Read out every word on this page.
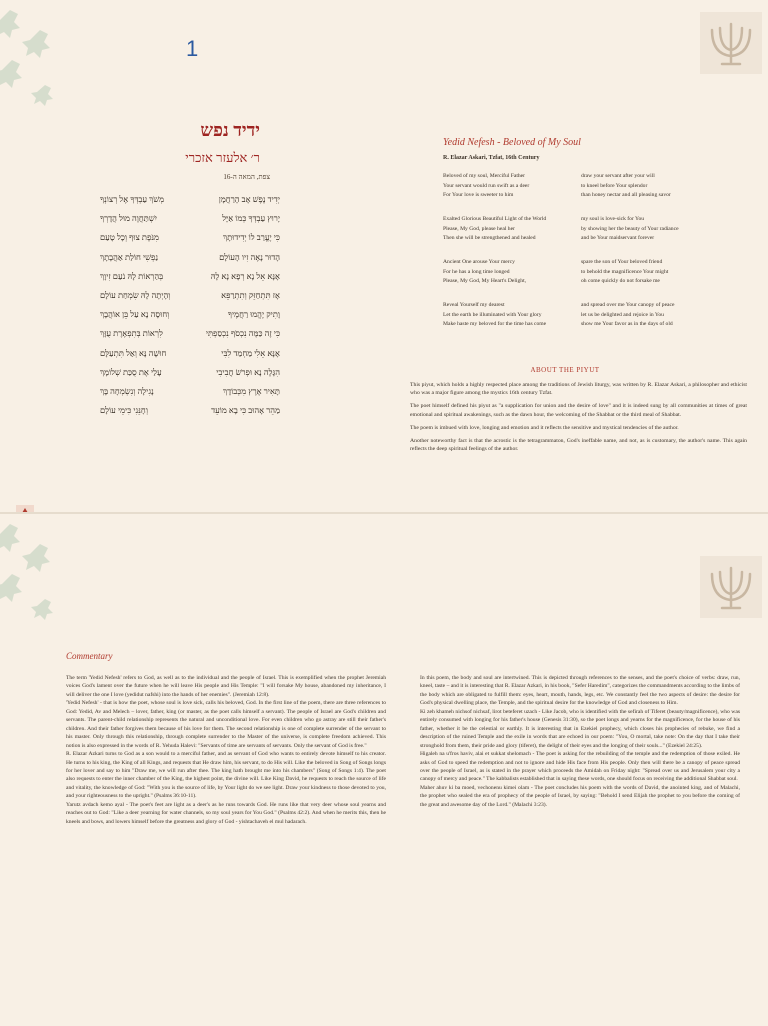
1
ידיד נפש
ר׳ אלעזר אזכרי
צפת, המאה ה-16
יְדִיד נֶפֶשׁ אָב הָרַחֲמָן
מְשֹׁךְ עַבְדְּךָ אֶל רְצוֹנְךָ
יָרוּץ עַבְדְּךָ כְּמוֹ אַיָּל
יִשְׁתַּחֲוֶה מוּל הֲדָרְךָ
כִּי יֶעֱרַב לוֹ יְדִידוּתָךְ
מִנֹּפֶת צוּף וְכָל טָעַם
הָדוּר נָאֶה זִיו הָעוֹלָם
נַפְשִׁי חוֹלַת אַהֲבָתָךְ
אָנָּא אֵל נָא רְפָא נָא לָהּ
בְּהַרְאוֹת לָהּ נֹעַם זִיוָךְ
אָז תִּתְחַזֵּק וְתִתְרַפֵּא
וְהָיְתָה לָהּ שִׂמְחַת עוֹלָם
וָתִיק יֶהֱמוּ רַחֲמֶיךָ
וְחוּסָה נָא עַל בֵּן אוֹהֲבָךְ
כִּי זֶה כַּמֶּה נִכְסֹף נִכְסַפְתִּי
לִרְאוֹת בְּתִפְאֶרֶת עֻזָּךְ
אָנָּא אֵלִי מַחְמַד לִבִּי
חוּשָׁה נָּא וְאַל תִּתְעַלָּם
הִגָּלֶה נָא וּפְרֹשׂ חֲבִיבִי
עָלַי אֶת סֻכַּת שְׁלוֹמָךְ
תָּאִיר אֶרֶץ מִכְּבוֹדָךְ
נָגִילָה וְנִשְׂמְחָה בָּךְ
מַהֵר אָהוּב כִּי בָא מוֹעֵד
וְחָנֵּנִי כִּימֵי עוֹלָם
Yedid Nefesh - Beloved of My Soul
R. Elazar Askari, Tzfat, 16th Century
Beloved of my soul, Merciful Father	draw your servant after your will
Your servant would run swift as a deer	to kneel before Your splendor
For Your love is sweeter to him	than honey nectar and all pleasing savor
Exalted Glorious Beautiful Light of the World	my soul is love-sick for You
Please, My God, please heal her	by showing her the beauty of Your radiance
Then she will be strengthened and healed	and be Your maidservant forever
Ancient One arouse Your mercy	spare the son of Your beloved friend
For he has a long time longed	to behold the magnificence Your might
Please, My God, My Heart's Delight,	oh come quickly do not forsake me
Reveal Yourself my dearest	and spread over me Your canopy of peace
Let the earth be illuminated with Your glory	let us be delighted and rejoice in You
Make haste my beloved for the time has come	show me Your favor as in the days of old
ABOUT THE PIYUT

This piyut, which holds a highly respected place among the traditions of Jewish liturgy, was written by R. Elazar Askari, a philosopher and ethicist who was a major figure among the mystics 16th century Tzfat.

The poet himself defined his piyut as "a supplication for union and the desire of love" and it is indeed sung by all communities at times of great emotional and spiritual awakenings, such as the dawn hour, the welcoming of the Shabbat or the third meal of Shabbat.

The poem is imbued with love, longing and emotion and it reflects the sensitive and mystical tendencies of the author.

Another noteworthy fact is that the acrostic is the tetragrammaton, God's ineffable name, and not, as is customary, the author's name. This again reflects the deep spiritual feelings of the author.

Commentary

The term 'Yedid Nefesh' refers to God, as well as to the individual and the people of Israel. This is exemplified when the prophet Jeremiah voices God's lament over the future when he will leave His people and His Temple: "I will forsake My house, abandoned my inheritance, I will deliver the one I love (yedidut nafshi) into the hands of her enemies". (Jeremiah 12:8).

'Yedid Nefesh' - that is how the poet, whose soul is love sick, calls his beloved, God. In the first line of the poem, there are three references to God: Yedid, Av and Melech – lover, father, king (or master, as the poet calls himself a servant). The people of Israel are God's children and servants. The parent-child relationship represents the natural and unconditional love. For even children who go astray are still their father's children. And their father forgives them because of his love for them. The second relationship is one of complete surrender of the servant to his master. Only through this relationship, through complete surrender to the Master of the universe, is complete freedom achieved. This notion is also expressed in the words of R. Yehuda Halevi: "Servants of time are servants of servants. Only the servant of God is free."

R. Elazar Azkari turns to God as a son would to a merciful father, and as servant of God who wants to entirely devote himself to his creator. He turns to his king, the King of all Kings, and requests that He draw him, his servant, to do His will. Like the beloved in Song of Songs longs for her lover and say to him "Draw me, we will run after thee. The king hath brought me into his chambers" (Song of Songs 1:4). The poet also requests to enter the inner chamber of the King, the highest point, the divine will. Like King David, he requests to reach the source of life and vitality, the knowledge of God: "With you is the source of life, by Your light do we see light. Draw your kindness to those devoted to you, and your righteousness to the upright." (Psalms 36:10-11).

Yarutz avdach kemo ayal - The poet's feet are light as a deer's as he runs towards God. He runs like that very deer whose soul yearns and reaches out to God: "Like a deer yearning for water channels, so my soul years for You God." (Psalms 42:2). And when he merits this, then he kneels and bows, and lowers himself before the greatness and glory of God - yishtachaveh el mul hadarach.

In this poem, the body and soul are intertwined. This is depicted through references to the senses, and the poet's choice of verbs: draw, run, kneel, taste – and it is interesting that R. Elazar Azkari, in his book, "Sefer Haredim", categorizes the commandments according to the limbs of the body which are obligated to fulfill them: eyes, heart, mouth, hands, legs, etc. We constantly feel the two aspects of desire: the desire for God's physical dwelling place, the Temple, and the spiritual desire for the knowledge of God and closeness to Him.

Ki zeh khameh nichsof nichsaf, lirot beteferet uzach - Like Jacob, who is identified with the sefirah of Tiferet (beauty/magnificence), who was entirely consumed with longing for his father's house (Genesis 31:30), so the poet longs and yearns for the magnificence, for the house of his father, whether it be the celestial or earthly. It is interesting that in Ezekiel prophecy, which closes his prophecies of rebuke, we find a description of the ruined Temple and the exile in words that are echoed in our poem: "You, O mortal, take note: On the day that I take their stronghold from them, their pride and glory (tiferet), the delight of their eyes and the longing of their souls..." (Ezekiel 24:25).

Higaleh na u'fros haviv, alai et sukkat shelomach - The poet is asking for the rebuilding of the temple and the redemption of those exiled. He asks of God to speed the redemption and not to ignore and hide His face from His people. Only then will there be a canopy of peace spread over the people of Israel, as is stated in the prayer which proceeds the Amidah on Friday night: "Spread over us and Jerusalem your city a canopy of mercy and peace." The kabbalists established that in saying these words, one should focus on receiving the additional Shabbat soul.

Maher ahuv ki ba moed, vechonenu kimei olam - The poet concludes his poem with the words of David, the anointed king, and of Malachi, the prophet who sealed the era of prophecy of the people of Israel, by saying: "Behold I send Elijah the prophet to you before the coming of the great and awesome day of the Lord." (Malachi 3:23).
